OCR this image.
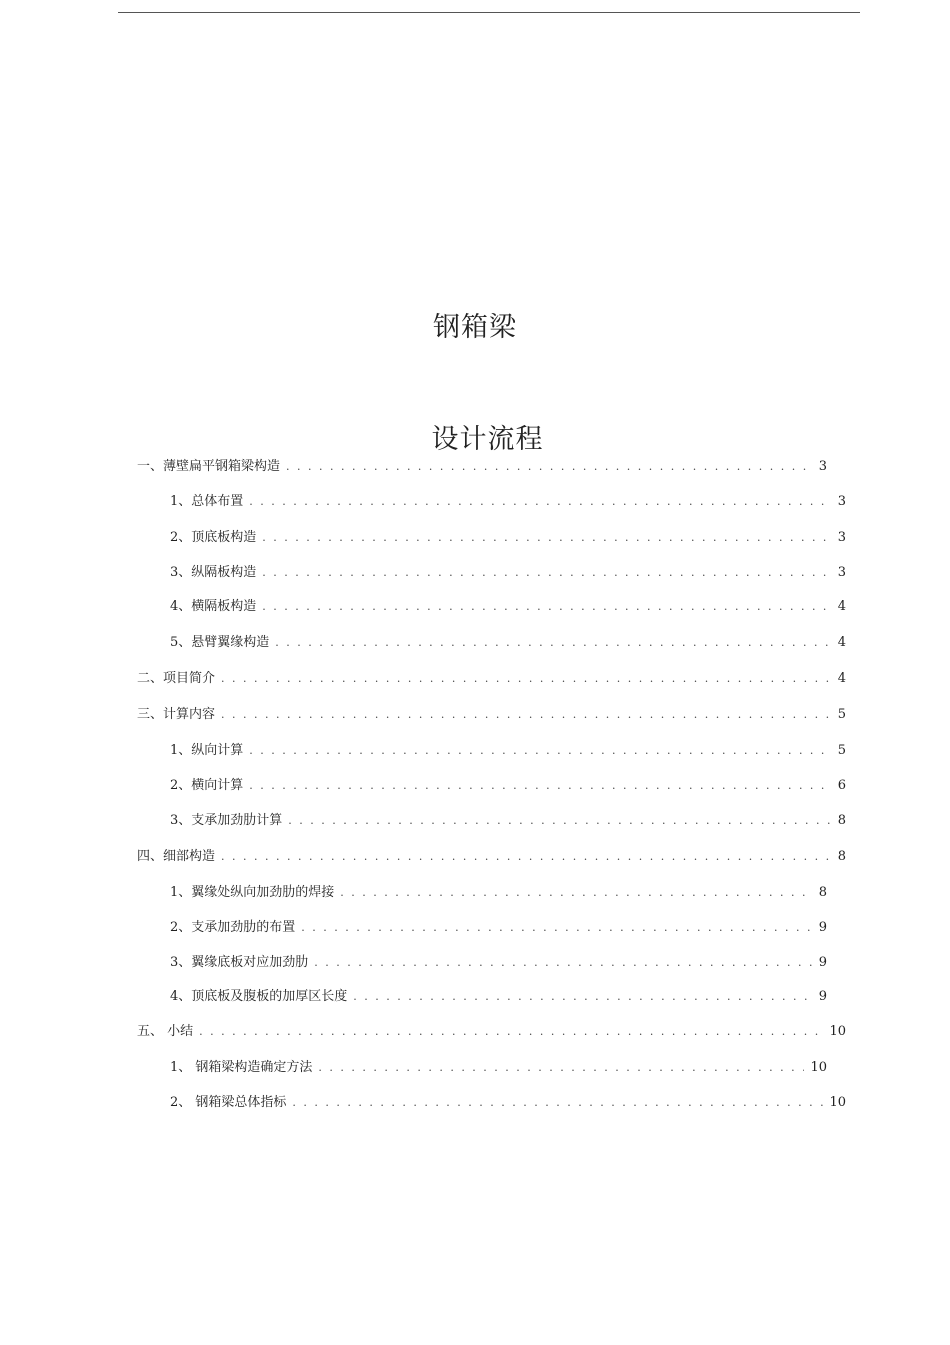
钢箱梁
设计流程
一、薄壁扁平钢箱梁构造 . . .	3
1、总体布置 . . .	3
2、顶底板构造 . . .	3
3、纵隔板构造 . . .	3
4、横隔板构造 . . .	4
5、悬臂翼缘构造 . . .	4
二、项目简介 . . .	4
三、计算内容 . . .	5
1、纵向计算 . . .	5
2、横向计算 . . .	6
3、支承加劲肋计算 . . .	8
四、细部构造 . . .	8
1、翼缘处纵向加劲肋的焊接 . . .	8
2、支承加劲肋的布置 . . .	9
3、翼缘底板对应加劲肋 . . .	9
4、顶底板及腹板的加厚区长度 . . .	9
五、 小结 . . .	10
1、 钢箱梁构造确定方法 . . .	10
2、 钢箱梁总体指标 . . .	10
